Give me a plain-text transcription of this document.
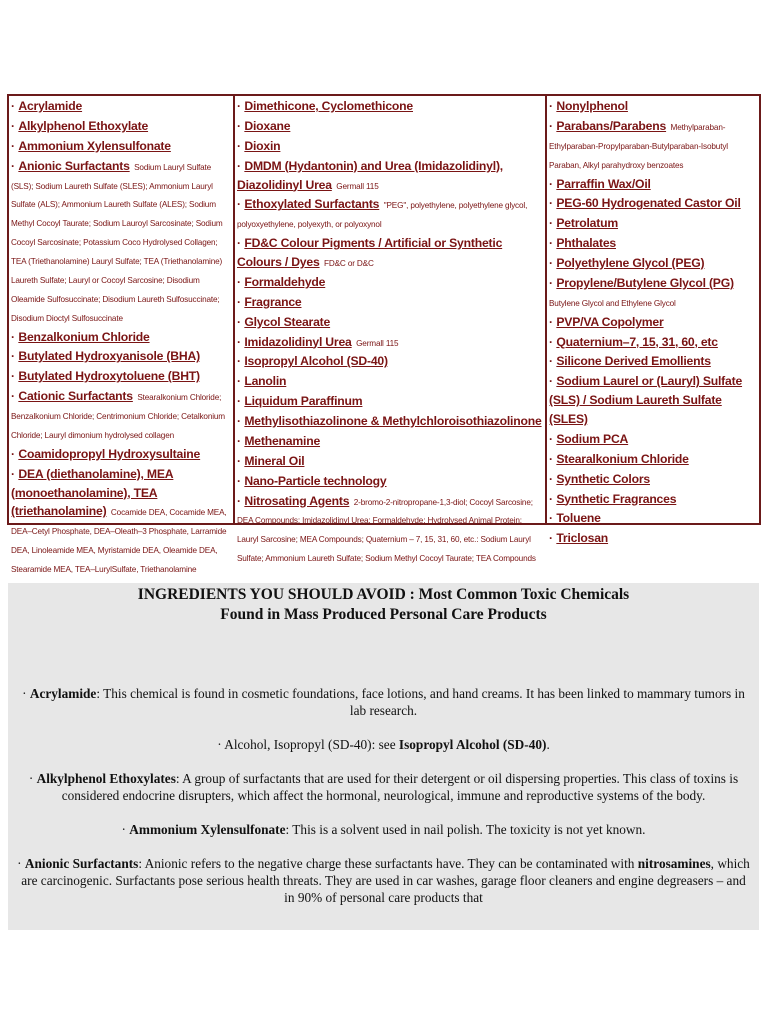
· Acrylamide

· Alkylphenol Ethoxylate

· Ammonium Xylensulfonate

· Anionic Surfactants Sodium Lauryl Sulfate (SLS); Sodium Laureth Sulfate (SLES); Ammonium Lauryl Sulfate (ALS); Ammonium Laureth Sulfate (ALES); Sodium Methyl Cocoyl Taurate; Sodium Lauroyl Sarcosinate; Sodium Cocoyl Sarcosinate; Potassium Coco Hydrolysed Collagen; TEA (Triethanolamine) Lauryl Sulfate; TEA (Triethanolamine) Laureth Sulfate; Lauryl or Cocoyl Sarcosine; Disodium Oleamide Sulfosuccinate; Disodium Laureth Sulfosuccinate; Disodium Dioctyl Sulfosuccinate

· Benzalkonium Chloride

· Butylated Hydroxyanisole (BHA)

· Butylated Hydroxytoluene (BHT)

· Cationic Surfactants Stearalkonium Chloride; Benzalkonium Chloride; Centrimonium Chloride; Cetalkonium Chloride; Lauryl dimonium hydrolysed collagen

· Coamidopropyl Hydroxysultaine

· DEA (diethanolamine), MEA (monoethanolamine), TEA (triethanolamine) Cocamide DEA, Cocamide MEA, DEA–Cetyl Phosphate, DEA–Oleath–3 Phosphate, Larramide DEA, Linoleamide MEA, Myristamide DEA, Oleamide DEA, Stearamide MEA, TEA–LurylSulfate, Triethanolamine

· Dimethicone, Cyclomethicone

· Dioxane

· Dioxin

· DMDM (Hydantonin) and Urea (Imidazolidinyl), Diazolidinyl Urea Germall 115

· Ethoxylated Surfactants "PEG", polyethylene, polyethylene glycol, polyoxyethylene, polyexyth, or polyoxynol

· FD&C Colour Pigments / Artificial or Synthetic Colours / Dyes FD&C or D&C

· Formaldehyde

· Fragrance

· Glycol Stearate

· Imidazolidinyl Urea Germall 115

· Isopropyl Alcohol (SD-40)

· Lanolin

· Liquidum Paraffinum

· Methylisothiazolinone & Methylchloroisothiazolinone

· Methenamine

· Mineral Oil

· Nano-Particle technology

· Nitrosating Agents 2-bromo-2-nitropropane-1,3-diol; Cocoyl Sarcosine; DEA Compounds; Imidazolidinyl Urea; Formaldehyde; Hydrolysed Animal Protein; Lauryl Sarcosine; MEA Compounds; Quaternium – 7, 15, 31, 60, etc.: Sodium Lauryl Sulfate; Ammonium Laureth Sulfate; Sodium Methyl Cocoyl Taurate; TEA Compounds

· Nonylphenol

· Parabans/Parabens Methylparaban-Ethylparaban-Propylparaban-Butylparaban-Isobutyl Paraban, Alkyl parahydroxy benzoates

· Parraffin Wax/Oil

· PEG-60 Hydrogenated Castor Oil

· Petrolatum

· Phthalates

· Polyethylene Glycol (PEG)

· Propylene/Butylene Glycol (PG) Butylene Glycol and Ethylene Glycol

· PVP/VA Copolymer

· Quaternium–7, 15, 31, 60, etc

· Silicone Derived Emollients

· Sodium Laurel or (Lauryl) Sulfate (SLS) / Sodium Laureth Sulfate (SLES)

· Sodium PCA

· Stearalkonium Chloride

· Synthetic Colors

· Synthetic Fragrances

· Toluene

· Triclosan

INGREDIENTS YOU SHOULD AVOID : Most Common Toxic Chemicals
Found in Mass Produced Personal Care Products

· Acrylamide: This chemical is found in cosmetic foundations, face lotions, and hand creams. It has been linked to mammary tumors in lab research.

· Alcohol, Isopropyl (SD-40): see Isopropyl Alcohol (SD-40).

· Alkylphenol Ethoxylates: A group of surfactants that are used for their detergent or oil dispersing properties. This class of toxins is considered endocrine disrupters, which affect the hormonal, neurological, immune and reproductive systems of the body.

· Ammonium Xylensulfonate: This is a solvent used in nail polish. The toxicity is not yet known.

· Anionic Surfactants: Anionic refers to the negative charge these surfactants have. They can be contaminated with nitrosamines, which are carcinogenic. Surfactants pose serious health threats. They are used in car washes, garage floor cleaners and engine degreasers – and in 90% of personal care products that
